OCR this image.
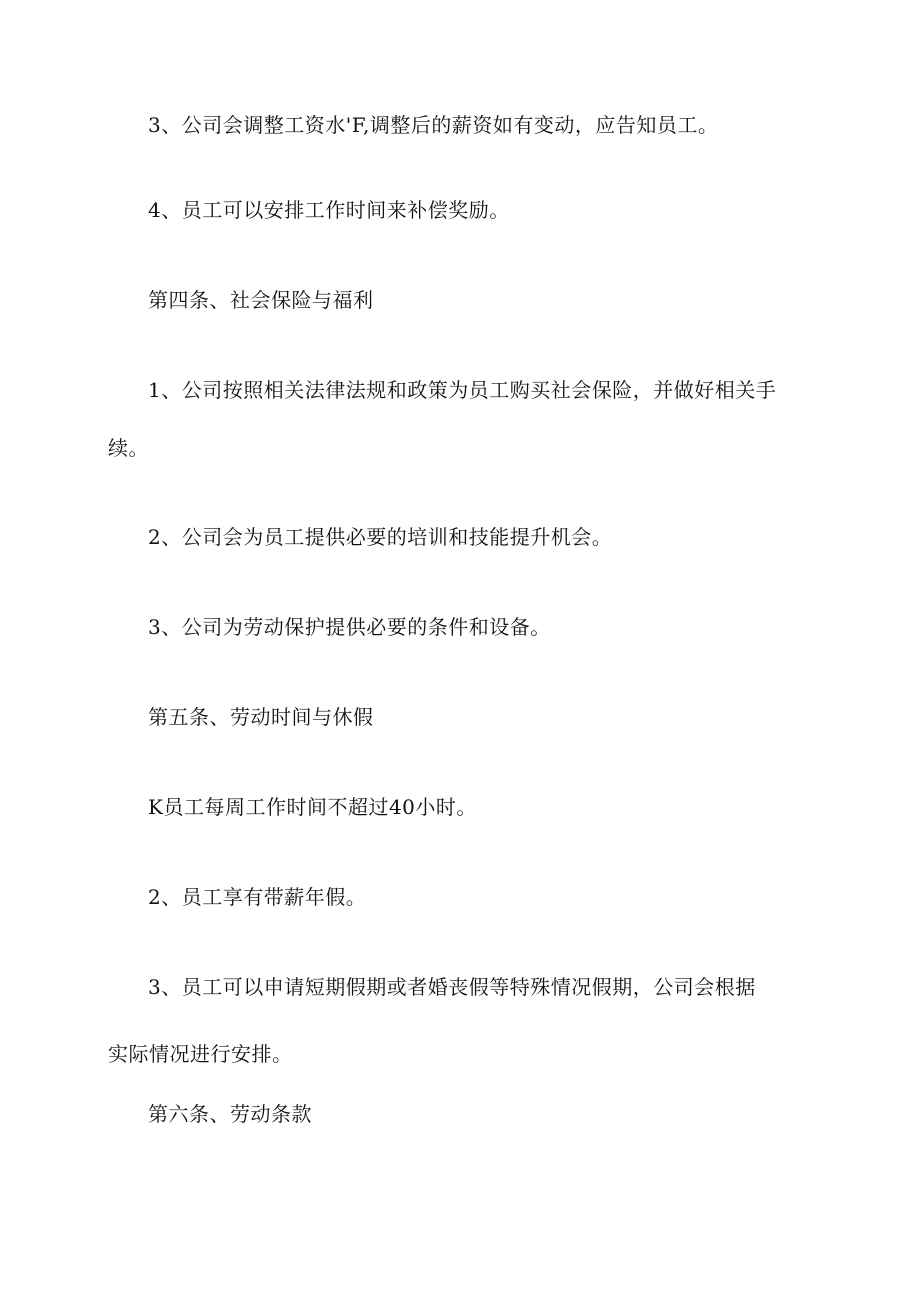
3、公司会调整工资水'F,调整后的薪资如有变动，应告知员工。

4、员工可以安排工作时间来补偿奖励。

第四条、社会保险与福利

1、公司按照相关法律法规和政策为员工购买社会保险，并做好相关手

续。

2、公司会为员工提供必要的培训和技能提升机会。

3、公司为劳动保护提供必要的条件和设备。

第五条、劳动时间与休假

K员工每周工作时间不超过40小时。

2、员工享有带薪年假。

3、员工可以申请短期假期或者婚丧假等特殊情况假期，公司会根据

实际情况进行安排。

第六条、劳动条款
